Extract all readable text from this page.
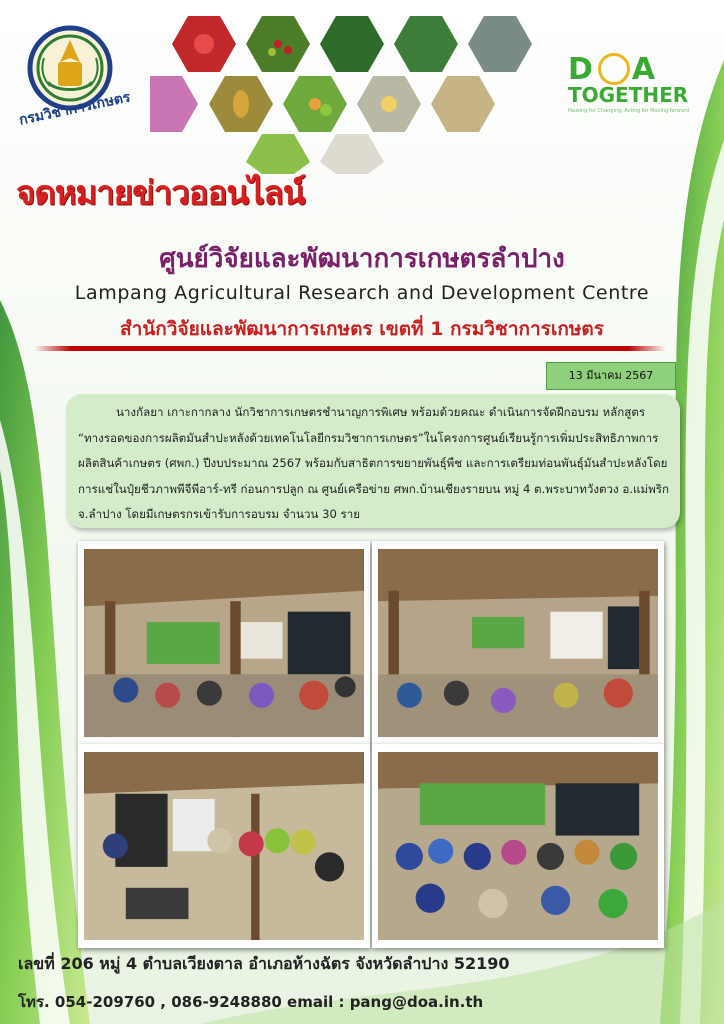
กรมวิชาการเกษตร
D A
TOGETHER
Pausing for Changing, Acting for Moving forward
จดหมายข่าวออนไลน์
ศูนย์วิจัยและพัฒนาการเกษตรลำปาง
Lampang Agricultural Research and Development Centre
สำนักวิจัยและพัฒนาการเกษตร เขตที่ 1 กรมวิชาการเกษตร
13 มีนาคม 2567
นางกัลยา เกาะกากลาง นักวิชาการเกษตรชำนาญการพิเศษ พร้อมด้วยคณะ ดำเนินการจัดฝึกอบรม หลักสูตร “ทางรอดของการผลิตมันสำปะหลังด้วยเทคโนโลยีกรมวิชาการเกษตร”ในโครงการศูนย์เรียนรู้การเพิ่มประสิทธิภาพการผลิตสินค้าเกษตร (ศพก.) ปีงบประมาณ 2567 พร้อมกับสาธิตการขยายพันธุ์พืช และการเตรียมท่อนพันธุ์มันสำปะหลังโดยการแช่ในปุ๋ยชีวภาพพีจีพีอาร์-ทรี ก่อนการปลูก ณ ศูนย์เครือข่าย ศพก.บ้านเชียงรายบน หมู่ 4 ต.พระบาทวังตวง อ.แม่พริก จ.ลำปาง โดยมีเกษตรกรเข้ารับการอบรม จำนวน 30 ราย
เลขที่ 206 หมู่ 4 ตำบลเวียงตาล อำเภอห้างฉัตร จังหวัดลำปาง 52190
โทร. 054-209760 , 086-9248880 email : pang@doa.in.th
